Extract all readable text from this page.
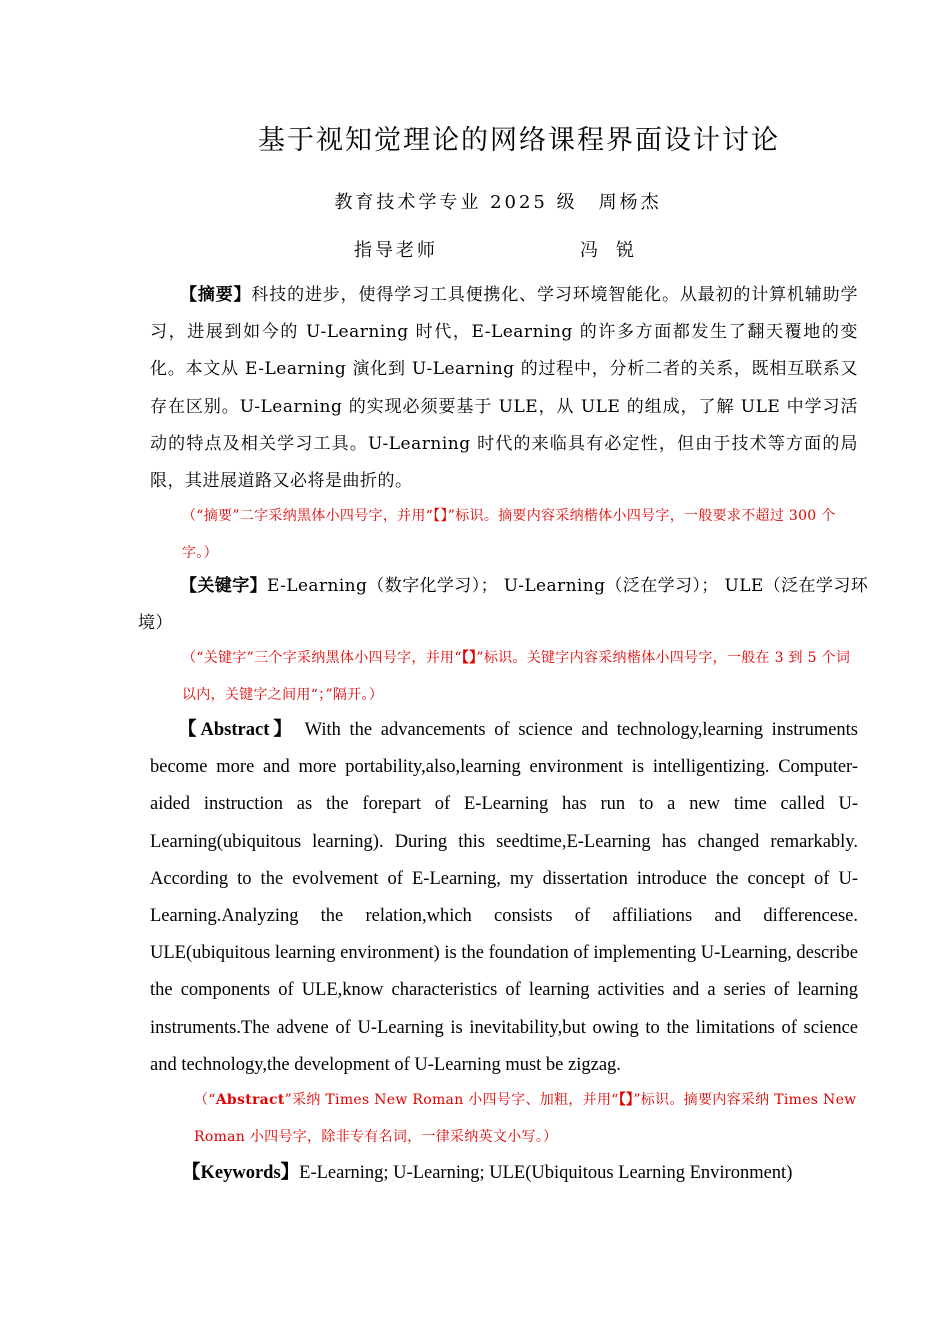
基于视知觉理论的网络课程界面设计讨论
教育技术学专业 2025 级　周杨杰
指导老师	冯锐

【摘要】科技的进步，使得学习工具便携化、学习环境智能化。从最初的计算机辅助学习，进展到如今的 U-Learning 时代，E-Learning 的许多方面都发生了翻天覆地的变化。本文从 E-Learning 演化到 U-Learning 的过程中，分析二者的关系，既相互联系又存在区别。U-Learning 的实现必须要基于 ULE，从 ULE 的组成，了解 ULE 中学习活动的特点及相关学习工具。U-Learning 时代的来临具有必定性，但由于技术等方面的局限，其进展道路又必将是曲折的。

（“摘要”二字采纳黑体小四号字，并用“【】”标识。摘要内容采纳楷体小四号字，一般要求不超过 300 个字。）

【关键字】E-Learning（数字化学习）； U-Learning（泛在学习）； ULE（泛在学习环境）

（“关键字”三个字采纳黑体小四号字，并用“【】”标识。关键字内容采纳楷体小四号字，一般在 3 到 5 个词以内，关键字之间用“；”隔开。）

【Abstract】 With the advancements of science and technology,learning instruments become more and more portability,also,learning environment is intelligentizing. Computer-aided instruction as the forepart of E-Learning has run to a new time called U-Learning(ubiquitous learning). During this seedtime,E-Learning has changed remarkably. According to the evolvement of E-Learning, my dissertation introduce the concept of U-Learning.Analyzing the relation,which consists of affiliations and differencese. ULE(ubiquitous learning environment) is the foundation of implementing U-Learning, describe the components of ULE,know characteristics of learning activities and a series of learning instruments.The advene of U-Learning is inevitability,but owing to the limitations of science and technology,the development of U-Learning must be zigzag.

（“Abstract”采纳 Times New Roman 小四号字、加粗，并用“【】”标识。摘要内容采纳 Times New Roman 小四号字，除非专有名词，一律采纳英文小写。）

【Keywords】E-Learning; U-Learning; ULE(Ubiquitous Learning Environment)
